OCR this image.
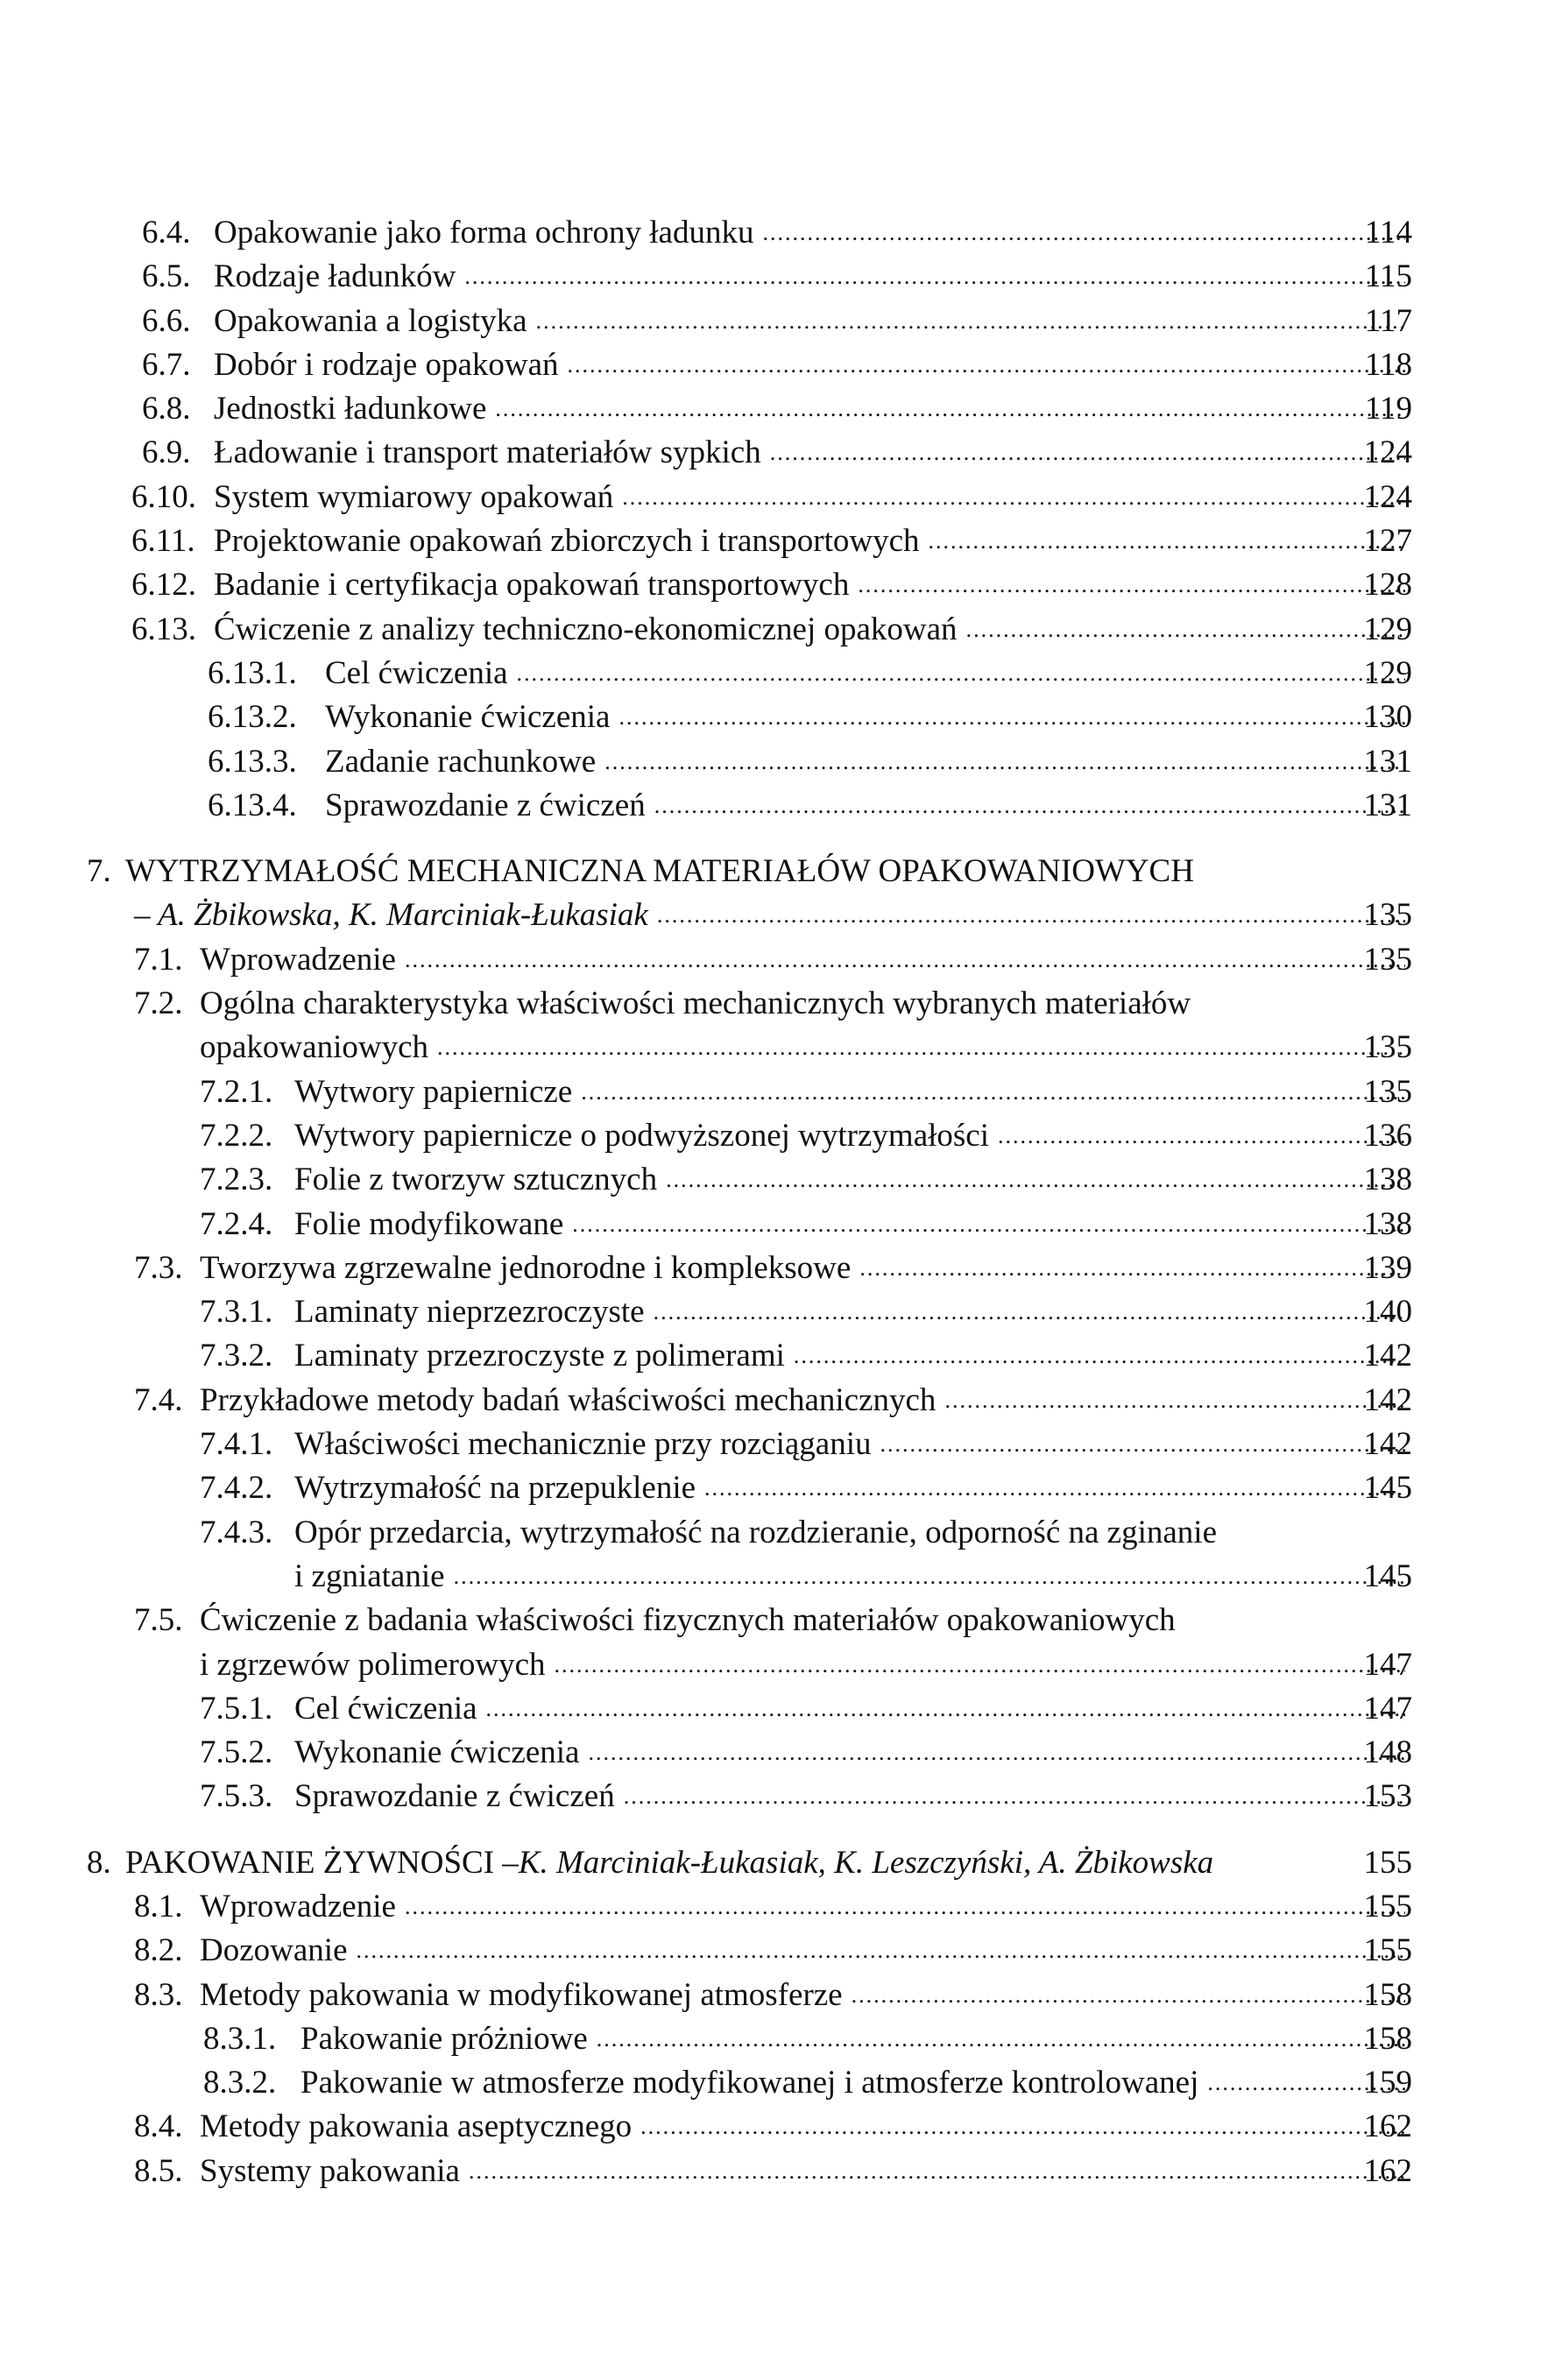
6.4. Opakowanie jako forma ochrony ładunku .....	114
6.5. Rodzaje ładunków .....	115
6.6. Opakowania a logistyka .....	117
6.7. Dobór i rodzaje opakowań .....	118
6.8. Jednostki ładunkowe .....	119
6.9. Ładowanie i transport materiałów sypkich .....	124
6.10. System wymiarowy opakowań .....	124
6.11. Projektowanie opakowań zbiorczych i transportowych .....	127
6.12. Badanie i certyfikacja opakowań transportowych .....	128
6.13. Ćwiczenie z analizy techniczno-ekonomicznej opakowań .....	129
6.13.1. Cel ćwiczenia .....	129
6.13.2. Wykonanie ćwiczenia .....	130
6.13.3. Zadanie rachunkowe .....	131
6.13.4. Sprawozdanie z ćwiczeń .....	131
7. WYTRZYMAŁOŚĆ MECHANICZNA MATERIAŁÓW OPAKOWANIOWYCH
– A. Żbikowska, K. Marciniak-Łukasiak .....	135
7.1. Wprowadzenie .....	135
7.2. Ogólna charakterystyka właściwości mechanicznych wybranych materiałów
opakowaniowych .....	135
7.2.1. Wytwory papiernicze .....	135
7.2.2. Wytwory papiernicze o podwyższonej wytrzymałości .....	136
7.2.3. Folie z tworzyw sztucznych .....	138
7.2.4. Folie modyfikowane .....	138
7.3. Tworzywa zgrzewalne jednorodne i kompleksowe .....	139
7.3.1. Laminaty nieprzezroczyste .....	140
7.3.2. Laminaty przezroczyste z polimerami .....	142
7.4. Przykładowe metody badań właściwości mechanicznych .....	142
7.4.1. Właściwości mechanicznie przy rozciąganiu .....	142
7.4.2. Wytrzymałość na przepuklenie .....	145
7.4.3. Opór przedarcia, wytrzymałość na rozdzieranie, odporność na zginanie
i zgniatanie .....	145
7.5. Ćwiczenie z badania właściwości fizycznych materiałów opakowaniowych
i zgrzewów polimerowych .....	147
7.5.1. Cel ćwiczenia .....	147
7.5.2. Wykonanie ćwiczenia .....	148
7.5.3. Sprawozdanie z ćwiczeń .....	153
8. PAKOWANIE ŻYWNOŚCI – K. Marciniak-Łukasiak, K. Leszczyński, A. Żbikowska	155
8.1. Wprowadzenie .....	155
8.2. Dozowanie .....	155
8.3. Metody pakowania w modyfikowanej atmosferze .....	158
8.3.1. Pakowanie próżniowe .....	158
8.3.2. Pakowanie w atmosferze modyfikowanej i atmosferze kontrolowanej .....	159
8.4. Metody pakowania aseptycznego .....	162
8.5. Systemy pakowania .....	162
